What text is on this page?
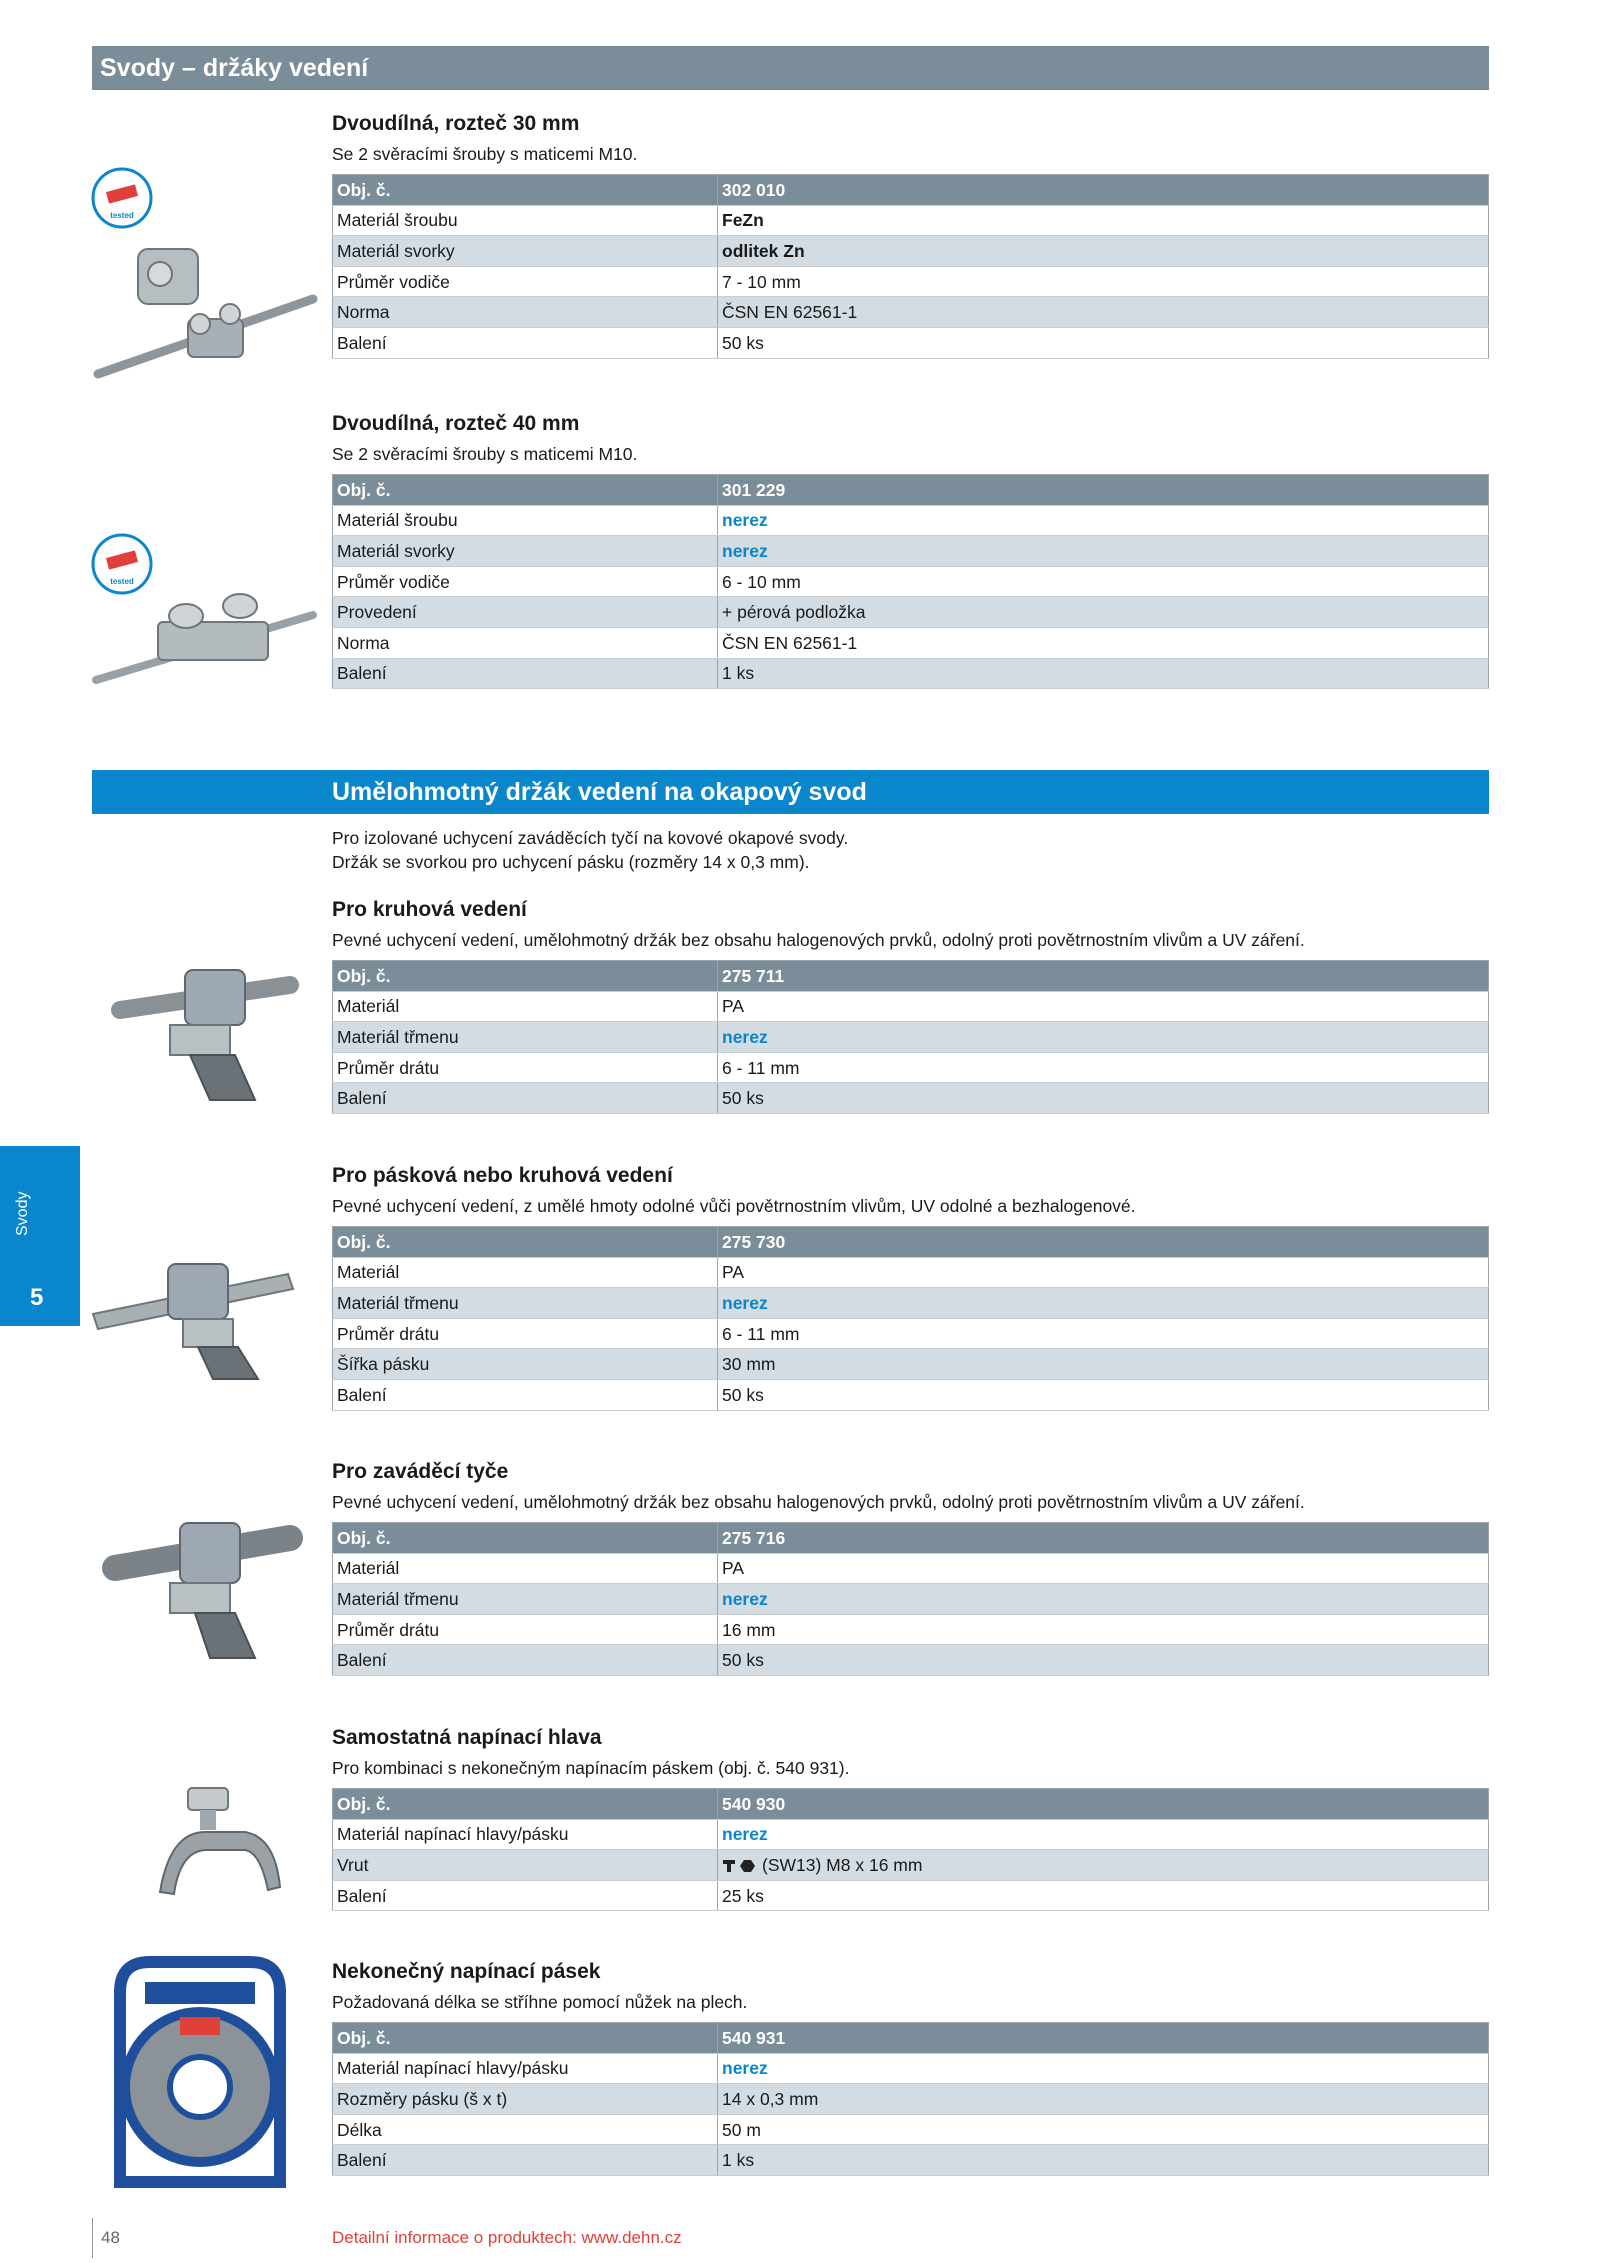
Svody – držáky vedení
Umělohmotný držák vedení na okapový svod

Pro izolované uchycení zaváděcích tyčí na kovové okapové svody.

Držák se svorkou pro uchycení pásku (rozměry 14 x 0,3 mm).

Dvoudílná, rozteč 30 mm

Se 2 svěracími šrouby s maticemi M10.

Obj. č.	302 010
Materiál šroubu	FeZn
Materiál svorky	odlitek Zn
Průměr vodiče	7 - 10 mm
Norma	ČSN EN 62561-1
Balení	50 ks

Dvoudílná, rozteč 40 mm

Se 2 svěracími šrouby s maticemi M10.

Obj. č.	301 229
Materiál šroubu	nerez
Materiál svorky	nerez
Průměr vodiče	6 - 10 mm
Provedení	+ pérová podložka
Norma	ČSN EN 62561-1
Balení	1 ks

Pro kruhová vedení

Pevné uchycení vedení, umělohmotný držák bez obsahu halogenových prvků, odolný proti povětrnostním vlivům a UV záření.

Obj. č.	275 711
Materiál	PA
Materiál třmenu	nerez
Průměr drátu	6 - 11 mm
Balení	50 ks

Pro pásková nebo kruhová vedení

Pevné uchycení vedení, z umělé hmoty odolné vůči povětrnostním vlivům, UV odolné a bezhalogenové.

Obj. č.	275 730
Materiál	PA
Materiál třmenu	nerez
Průměr drátu	6 - 11 mm
Šířka pásku	30 mm
Balení	50 ks

Pro zaváděcí tyče

Pevné uchycení vedení, umělohmotný držák bez obsahu halogenových prvků, odolný proti povětrnostním vlivům a UV záření.

Obj. č.	275 716
Materiál	PA
Materiál třmenu	nerez
Průměr drátu	16 mm
Balení	50 ks

Samostatná napínací hlava

Pro kombinaci s nekonečným napínacím páskem (obj. č. 540 931).

Obj. č.	540 930
Materiál napínací hlavy/pásku	nerez
Vrut	(SW13) M8 x 16 mm
Balení	25 ks

Nekonečný napínací pásek

Požadovaná délka se stříhne pomocí nůžek na plech.

Obj. č.	540 931
Materiál napínací hlavy/pásku	nerez
Rozměry pásku (š x t)	14 x 0,3 mm
Délka	50 m
Balení	1 ks
tested
tested
Svody
5
48	Detailní informace o produktech: www.dehn.cz
